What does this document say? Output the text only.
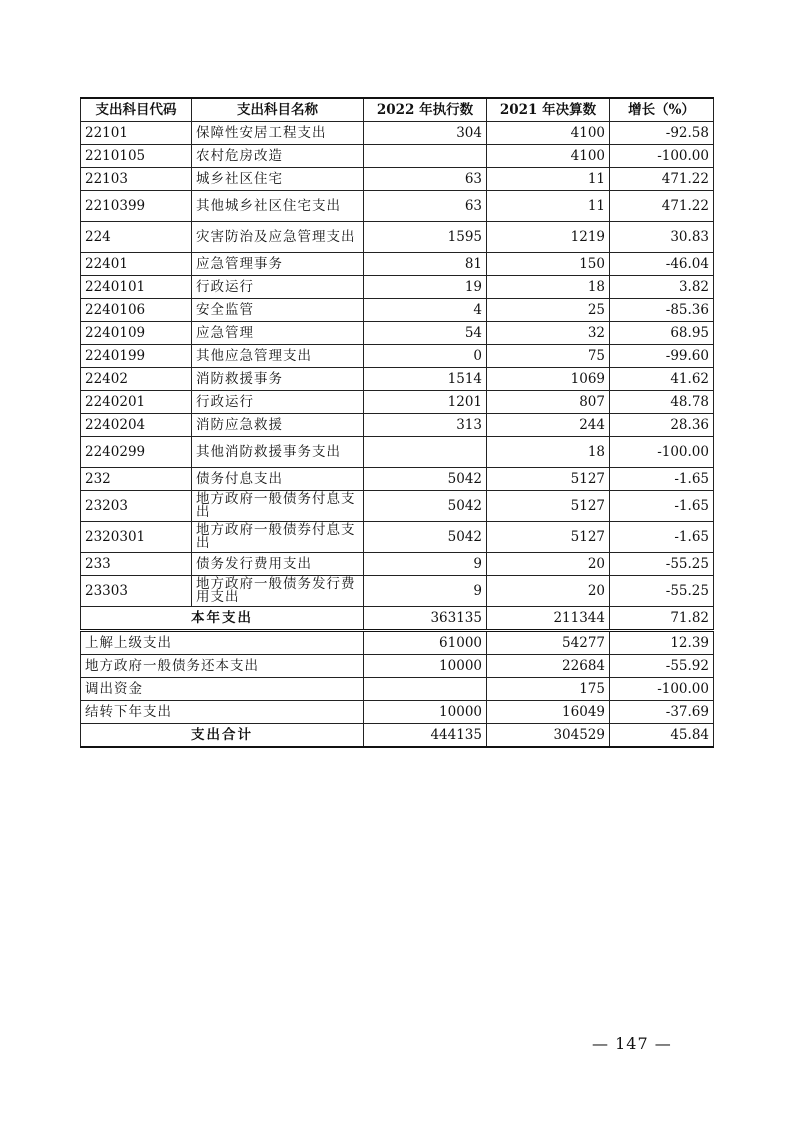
支出科目代码	支出科目名称	2022 年执行数	2021 年决算数	增长（%）
22101	保障性安居工程支出	304	4100	-92.58
2210105	农村危房改造		4100	-100.00
22103	城乡社区住宅	63	11	471.22
2210399	其他城乡社区住宅支出	63	11	471.22
224	灾害防治及应急管理支出	1595	1219	30.83
22401	应急管理事务	81	150	-46.04
2240101	行政运行	19	18	3.82
2240106	安全监管	4	25	-85.36
2240109	应急管理	54	32	68.95
2240199	其他应急管理支出	0	75	-99.60
22402	消防救援事务	1514	1069	41.62
2240201	行政运行	1201	807	48.78
2240204	消防应急救援	313	244	28.36
2240299	其他消防救援事务支出		18	-100.00
232	债务付息支出	5042	5127	-1.65
23203	地方政府一般债务付息支出	5042	5127	-1.65
2320301	地方政府一般债券付息支出	5042	5127	-1.65
233	债务发行费用支出	9	20	-55.25
23303	地方政府一般债务发行费用支出	9	20	-55.25
本年支出		363135	211344	71.82
上解上级支出		61000	54277	12.39
地方政府一般债务还本支出		10000	22684	-55.92
调出资金			175	-100.00
结转下年支出		10000	16049	-37.69
支出合计		444135	304529	45.84
— 147 —
